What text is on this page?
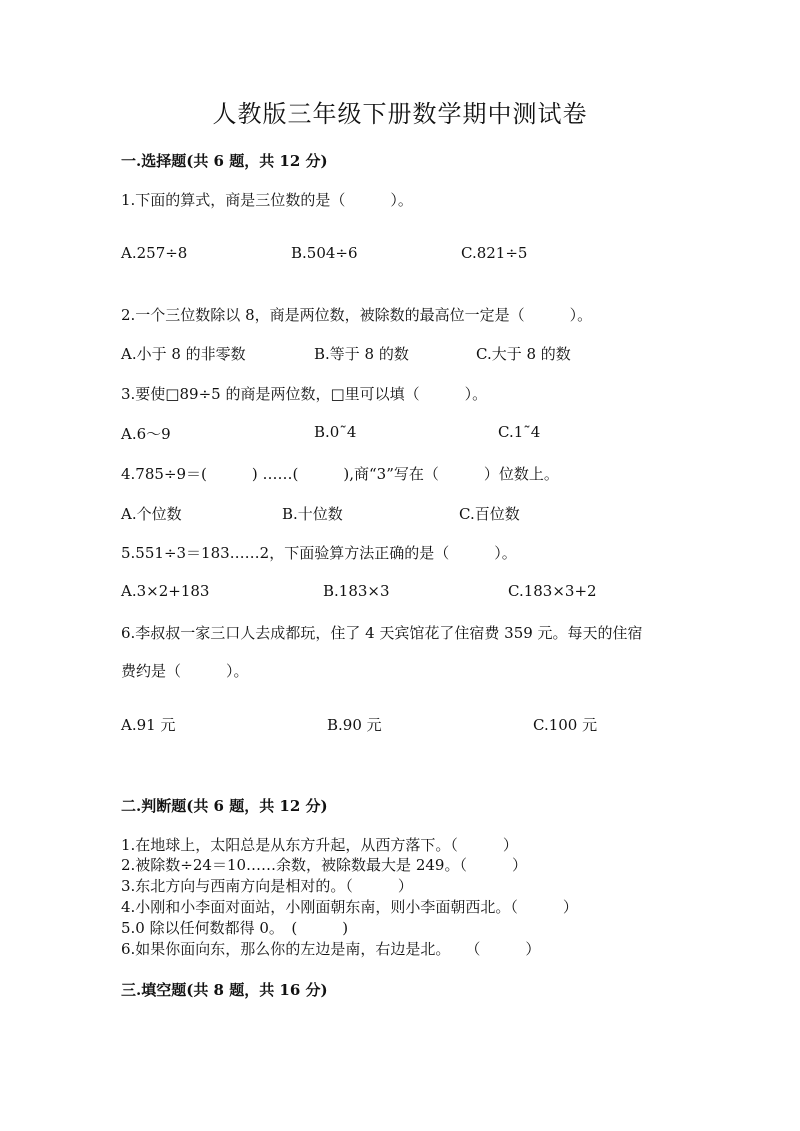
人教版三年级下册数学期中测试卷
一.选择题(共 6 题，共 12 分)
1.下面的算式，商是三位数的是（　　　）。
A.257÷8	B.504÷6	C.821÷5
2.一个三位数除以 8，商是两位数，被除数的最高位一定是（　　　）。
A.小于 8 的非零数	B.等于 8 的数	C.大于 8 的数
3.要使□89÷5 的商是两位数，□里可以填（　　　）。
A.6～9	B.0˜4	C.1˜4
4.785÷9＝(　　　) ……(　　　),商“3”写在（　　　）位数上。
A.个位数	B.十位数	C.百位数
5.551÷3＝183……2，下面验算方法正确的是（　　　）。
A.3×2+183	B.183×3	C.183×3+2
6.李叔叔一家三口人去成都玩，住了 4 天宾馆花了住宿费 359 元。每天的住宿
费约是（　　　）。
A.91 元	B.90 元	C.100 元
二.判断题(共 6 题，共 12 分)
1.在地球上，太阳总是从东方升起，从西方落下。（　　　）
2.被除数÷24＝10……余数，被除数最大是 249。（　　　）
3.东北方向与西南方向是相对的。（　　　）
4.小刚和小李面对面站，小刚面朝东南，则小李面朝西北。（　　　）
5.0 除以任何数都得 0。　(　　　)
6.如果你面向东，那么你的左边是南，右边是北。　　（　　　）
三.填空题(共 8 题，共 16 分)
